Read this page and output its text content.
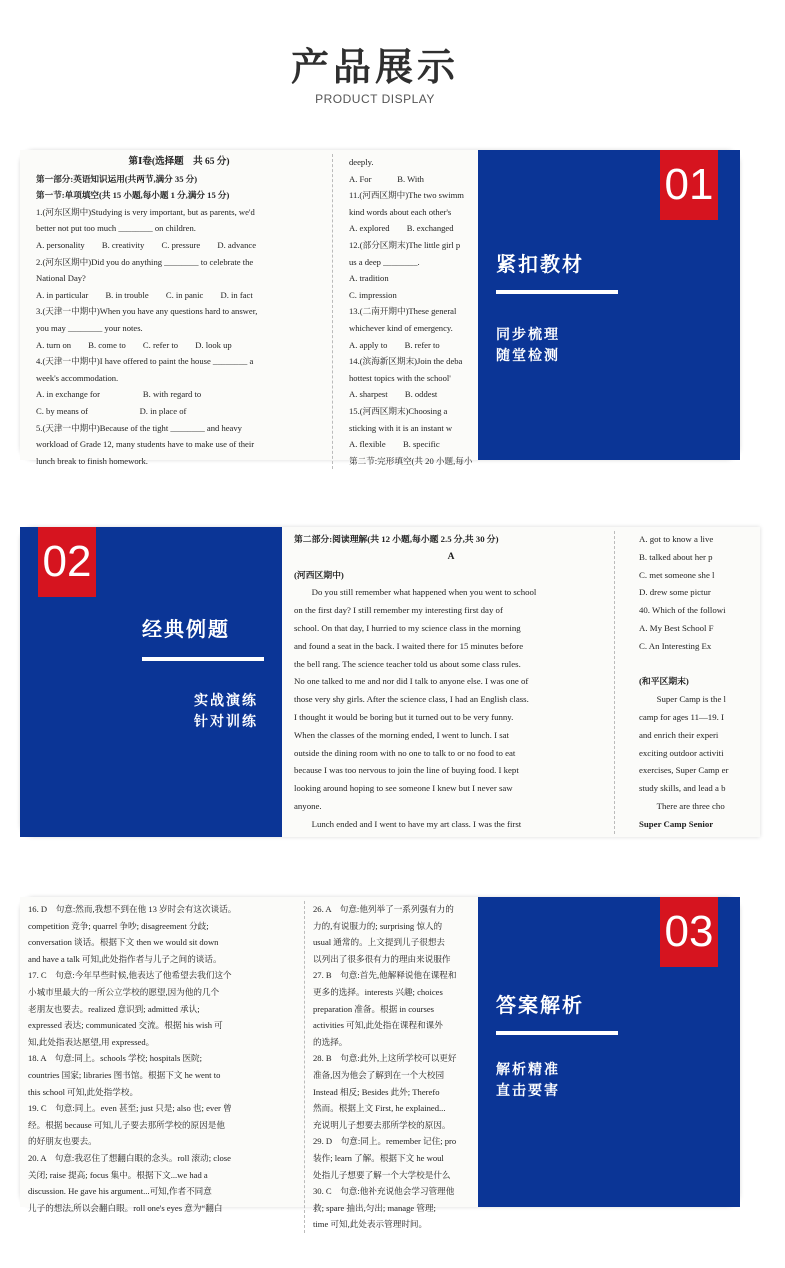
产品展示
PRODUCT DISPLAY
第Ⅰ卷(选择题　共 65 分)
第一部分:英语知识运用(共两节,满分 35 分)
第一节:单项填空(共 15 小题,每小题 1 分,满分 15 分)
1.(河东区期中)Studying is very important, but as parents, we'd
better not put too much ________ on children.
A. personality　　B. creativity　　C. pressure　　D. advance
2.(河东区期中)Did you do anything ________ to celebrate the
National Day?
A. in particular　　B. in trouble　　C. in panic　　D. in fact
3.(天津一中期中)When you have any questions hard to answer,
you may ________ your notes.
A. turn on　　B. come to　　C. refer to　　D. look up
4.(天津一中期中)I have offered to paint the house ________ a
week's accommodation.
A. in exchange for　　　　　B. with regard to
C. by means of　　　　　　D. in place of
5.(天津一中期中)Because of the tight ________ and heavy
workload of Grade 12, many students have to make use of their
lunch break to finish homework.
deeply.
A. For　　　B. With
11.(河西区期中)The two swimm
kind words about each other's
A. explored　　B. exchanged
12.(部分区期末)The little girl p
us a deep ________.
A. tradition
C. impression
13.(二南开期中)These general
whichever kind of emergency.
A. apply to　　B. refer to
14.(滨海新区期末)Join the deba
hottest topics with the school'
A. sharpest　　B. oddest
15.(河西区期末)Choosing a
sticking with it is an instant w
A. flexible　　B. specific
第二节:完形填空(共 20 小题,每小
01
紧扣教材
同步梳理
随堂检测
02
经典例题
实战演练
针对训练
第二部分:阅读理解(共 12 小题,每小题 2.5 分,共 30 分)
A
(河西区期中)
　　Do you still remember what happened when you went to school
on the first day? I still remember my interesting first day of
school. On that day, I hurried to my science class in the morning
and found a seat in the back. I waited there for 15 minutes before
the bell rang. The science teacher told us about some class rules.
No one talked to me and nor did I talk to anyone else. I was one of
those very shy girls. After the science class, I had an English class.
I thought it would be boring but it turned out to be very funny.
When the classes of the morning ended, I went to lunch. I sat
outside the dining room with no one to talk to or no food to eat
because I was too nervous to join the line of buying food. I kept
looking around hoping to see someone I knew but I never saw
anyone.
　　Lunch ended and I went to have my art class. I was the first
A. got to know a live
B. talked about her p
C. met someone she l
D. drew some pictur
40. Which of the followi
A. My Best School F
C. An Interesting Ex

(和平区期末)
　　Super Camp is the l
camp for ages 11—19. I
and enrich their experi
exciting outdoor activiti
exercises, Super Camp er
study skills, and lead a b
　　There are three cho
Super Camp Senior
16. D　句意:然而,我想不到在他 13 岁时会有这次谈话。
competition 竞争; quarrel 争吵; disagreement 分歧;
conversation 谈话。根据下文 then we would sit down
and have a talk 可知,此处指作者与儿子之间的谈话。
17. C　句意:今年早些时候,他表达了他希望去我们这个
小城市里最大的一所公立学校的愿望,因为他的几个
老朋友也要去。realized 意识到; admitted 承认;
expressed 表达; communicated 交流。根据 his wish 可
知,此处指表达愿望,用 expressed。
18. A　句意:同上。schools 学校; hospitals 医院;
countries 国家; libraries 图书馆。根据下文 he went to
this school 可知,此处指学校。
19. C　句意:同上。even 甚至; just 只是; also 也; ever 曾
经。根据 because 可知,儿子要去那所学校的原因是他
的好朋友也要去。
20. A　句意:我忍住了想翻白眼的念头。roll 滚动; close
关闭; raise 提高; focus 集中。根据下文...we had a
discussion. He gave his argument...可知,作者不同意
儿子的想法,所以会翻白眼。roll one's eyes 意为“翻白
26. A　句意:他列举了一系列强有力的
力的,有说服力的; surprising 惊人的
usual 通常的。上文提到儿子很想去
以列出了很多很有力的理由来说服作
27. B　句意:首先,他解释说他在课程和
更多的选择。interests 兴趣; choices
preparation 准备。根据 in courses
activities 可知,此处指在课程和课外
的选择。
28. B　句意:此外,上这所学校可以更好
准备,因为他会了解到在一个大校园
Instead 相反; Besides 此外; Therefo
然而。根据上文 First, he explained...
充说明儿子想要去那所学校的原因。
29. D　句意:同上。remember 记住; pro
装作; learn 了解。根据下文 he woul
处指儿子想要了解一个大学校是什么
30. C　句意:他补充说他会学习管理他
救; spare 抽出,匀出; manage 管理;
time 可知,此处表示管理时间。
03
答案解析
解析精准
直击要害
